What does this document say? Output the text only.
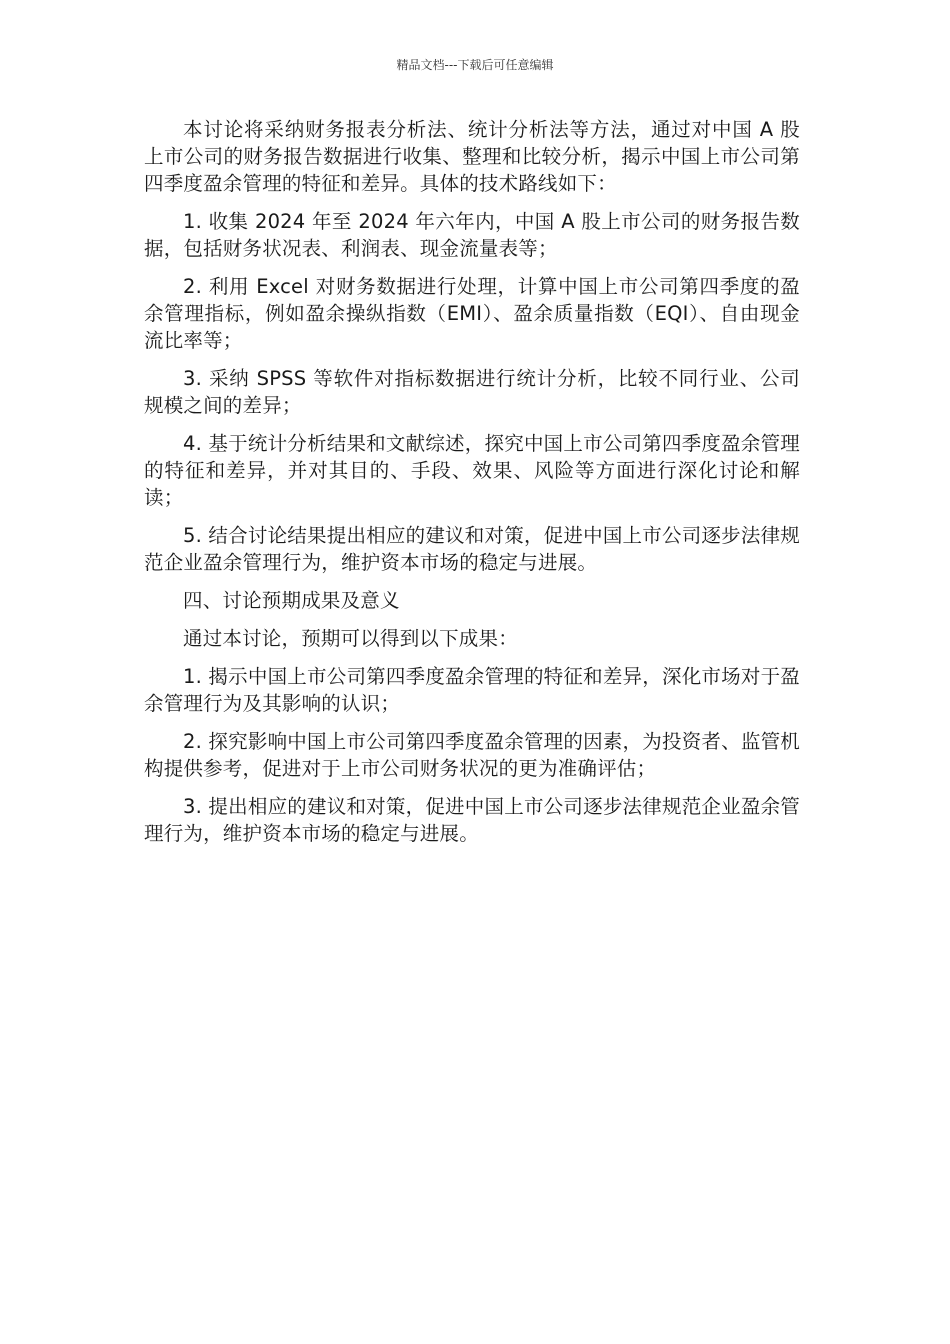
精品文档---下载后可任意编辑

本讨论将采纳财务报表分析法、统计分析法等方法，通过对中国 A 股上市公司的财务报告数据进行收集、整理和比较分析，揭示中国上市公司第四季度盈余管理的特征和差异。具体的技术路线如下：

1. 收集 2024 年至 2024 年六年内，中国 A 股上市公司的财务报告数据，包括财务状况表、利润表、现金流量表等；

2. 利用 Excel 对财务数据进行处理，计算中国上市公司第四季度的盈余管理指标，例如盈余操纵指数（EMI）、盈余质量指数（EQI）、自由现金流比率等；

3. 采纳 SPSS 等软件对指标数据进行统计分析，比较不同行业、公司规模之间的差异；

4. 基于统计分析结果和文献综述，探究中国上市公司第四季度盈余管理的特征和差异，并对其目的、手段、效果、风险等方面进行深化讨论和解读；

5. 结合讨论结果提出相应的建议和对策，促进中国上市公司逐步法律规范企业盈余管理行为，维护资本市场的稳定与进展。

四、讨论预期成果及意义

通过本讨论，预期可以得到以下成果：

1. 揭示中国上市公司第四季度盈余管理的特征和差异，深化市场对于盈余管理行为及其影响的认识；

2. 探究影响中国上市公司第四季度盈余管理的因素，为投资者、监管机构提供参考，促进对于上市公司财务状况的更为准确评估；

3. 提出相应的建议和对策，促进中国上市公司逐步法律规范企业盈余管理行为，维护资本市场的稳定与进展。
